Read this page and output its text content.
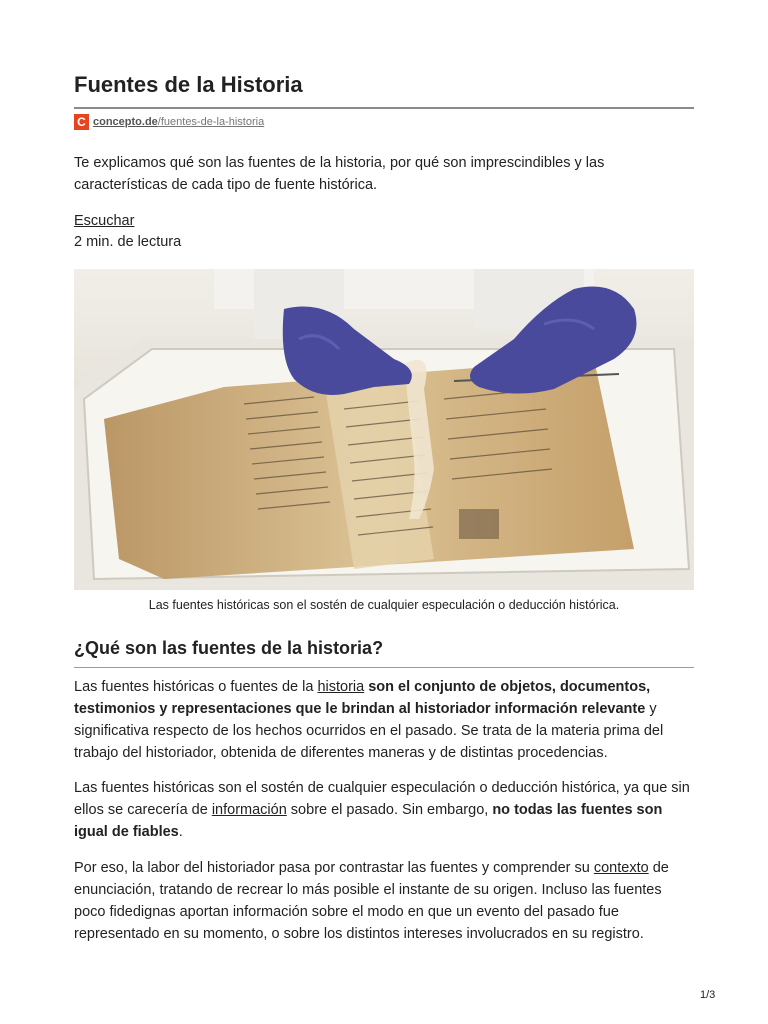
Fuentes de la Historia
C concepto.de /fuentes-de-la-historia

Te explicamos qué son las fuentes de la historia, por qué son imprescindibles y las características de cada tipo de fuente histórica.

Escuchar
2 min. de lectura
Las fuentes históricas son el sostén de cualquier especulación o deducción histórica.
¿Qué son las fuentes de la historia?

Las fuentes históricas o fuentes de la historia son el conjunto de objetos, documentos, testimonios y representaciones que le brindan al historiador información relevante y significativa respecto de los hechos ocurridos en el pasado. Se trata de la materia prima del trabajo del historiador, obtenida de diferentes maneras y de distintas procedencias.

Las fuentes históricas son el sostén de cualquier especulación o deducción histórica, ya que sin ellos se carecería de información sobre el pasado. Sin embargo, no todas las fuentes son igual de fiables.

Por eso, la labor del historiador pasa por contrastar las fuentes y comprender su contexto de enunciación, tratando de recrear lo más posible el instante de su origen. Incluso las fuentes poco fidedignas aportan información sobre el modo en que un evento del pasado fue representado en su momento, o sobre los distintos intereses involucrados en su registro.

1/3
